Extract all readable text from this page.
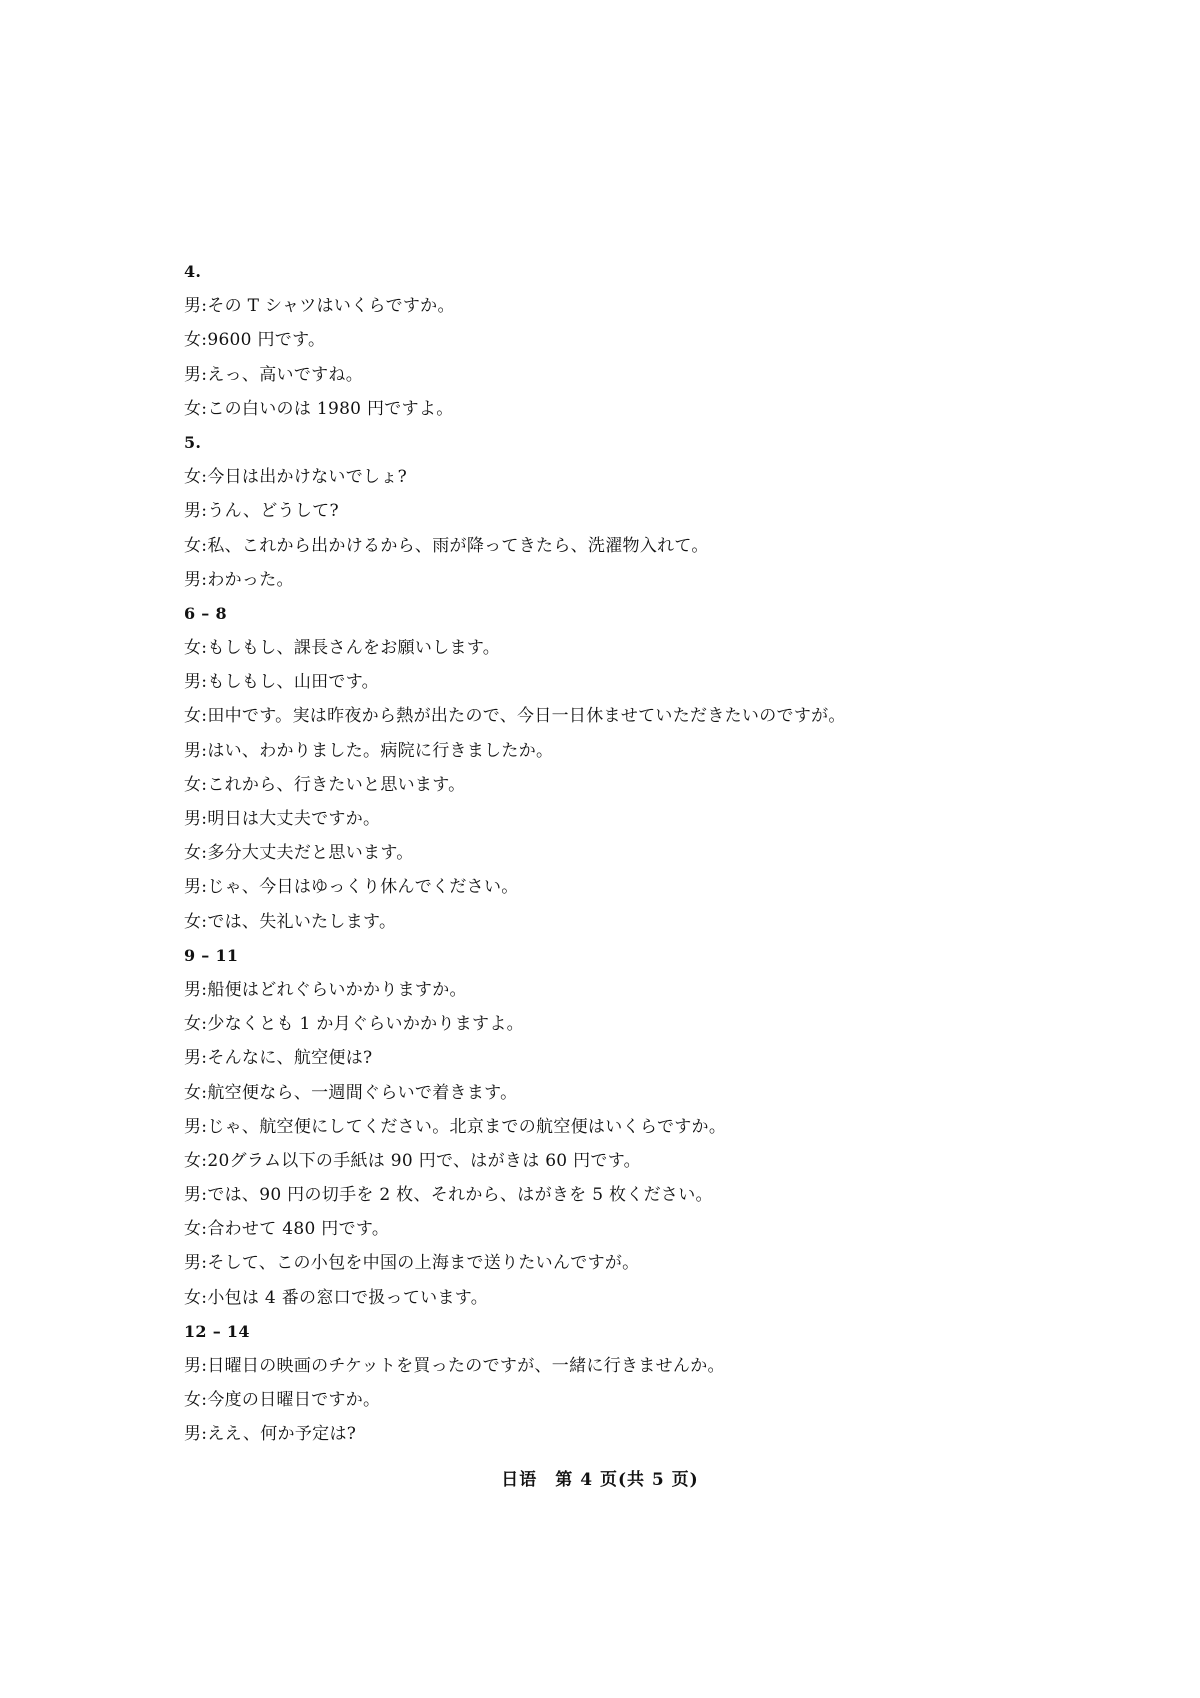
4.
男:その T シャツはいくらですか。
女:9600 円です。
男:えっ、高いですね。
女:この白いのは 1980 円ですよ。
5.
女:今日は出かけないでしょ?
男:うん、どうして?
女:私、これから出かけるから、雨が降ってきたら、洗濯物入れて。
男:わかった。
6 – 8
女:もしもし、課長さんをお願いします。
男:もしもし、山田です。
女:田中です。実は昨夜から熱が出たので、今日一日休ませていただきたいのですが。
男:はい、わかりました。病院に行きましたか。
女:これから、行きたいと思います。
男:明日は大丈夫ですか。
女:多分大丈夫だと思います。
男:じゃ、今日はゆっくり休んでください。
女:では、失礼いたします。
9 – 11
男:船便はどれぐらいかかりますか。
女:少なくとも 1 か月ぐらいかかりますよ。
男:そんなに、航空便は?
女:航空便なら、一週間ぐらいで着きます。
男:じゃ、航空便にしてください。北京までの航空便はいくらですか。
女:20グラム以下の手紙は 90 円で、はがきは 60 円です。
男:では、90 円の切手を 2 枚、それから、はがきを 5 枚ください。
女:合わせて 480 円です。
男:そして、この小包を中国の上海まで送りたいんですが。
女:小包は 4 番の窓口で扱っています。
12 – 14
男:日曜日の映画のチケットを買ったのですが、一緒に行きませんか。
女:今度の日曜日ですか。
男:ええ、何か予定は?
日语　第 4 页(共 5 页)
